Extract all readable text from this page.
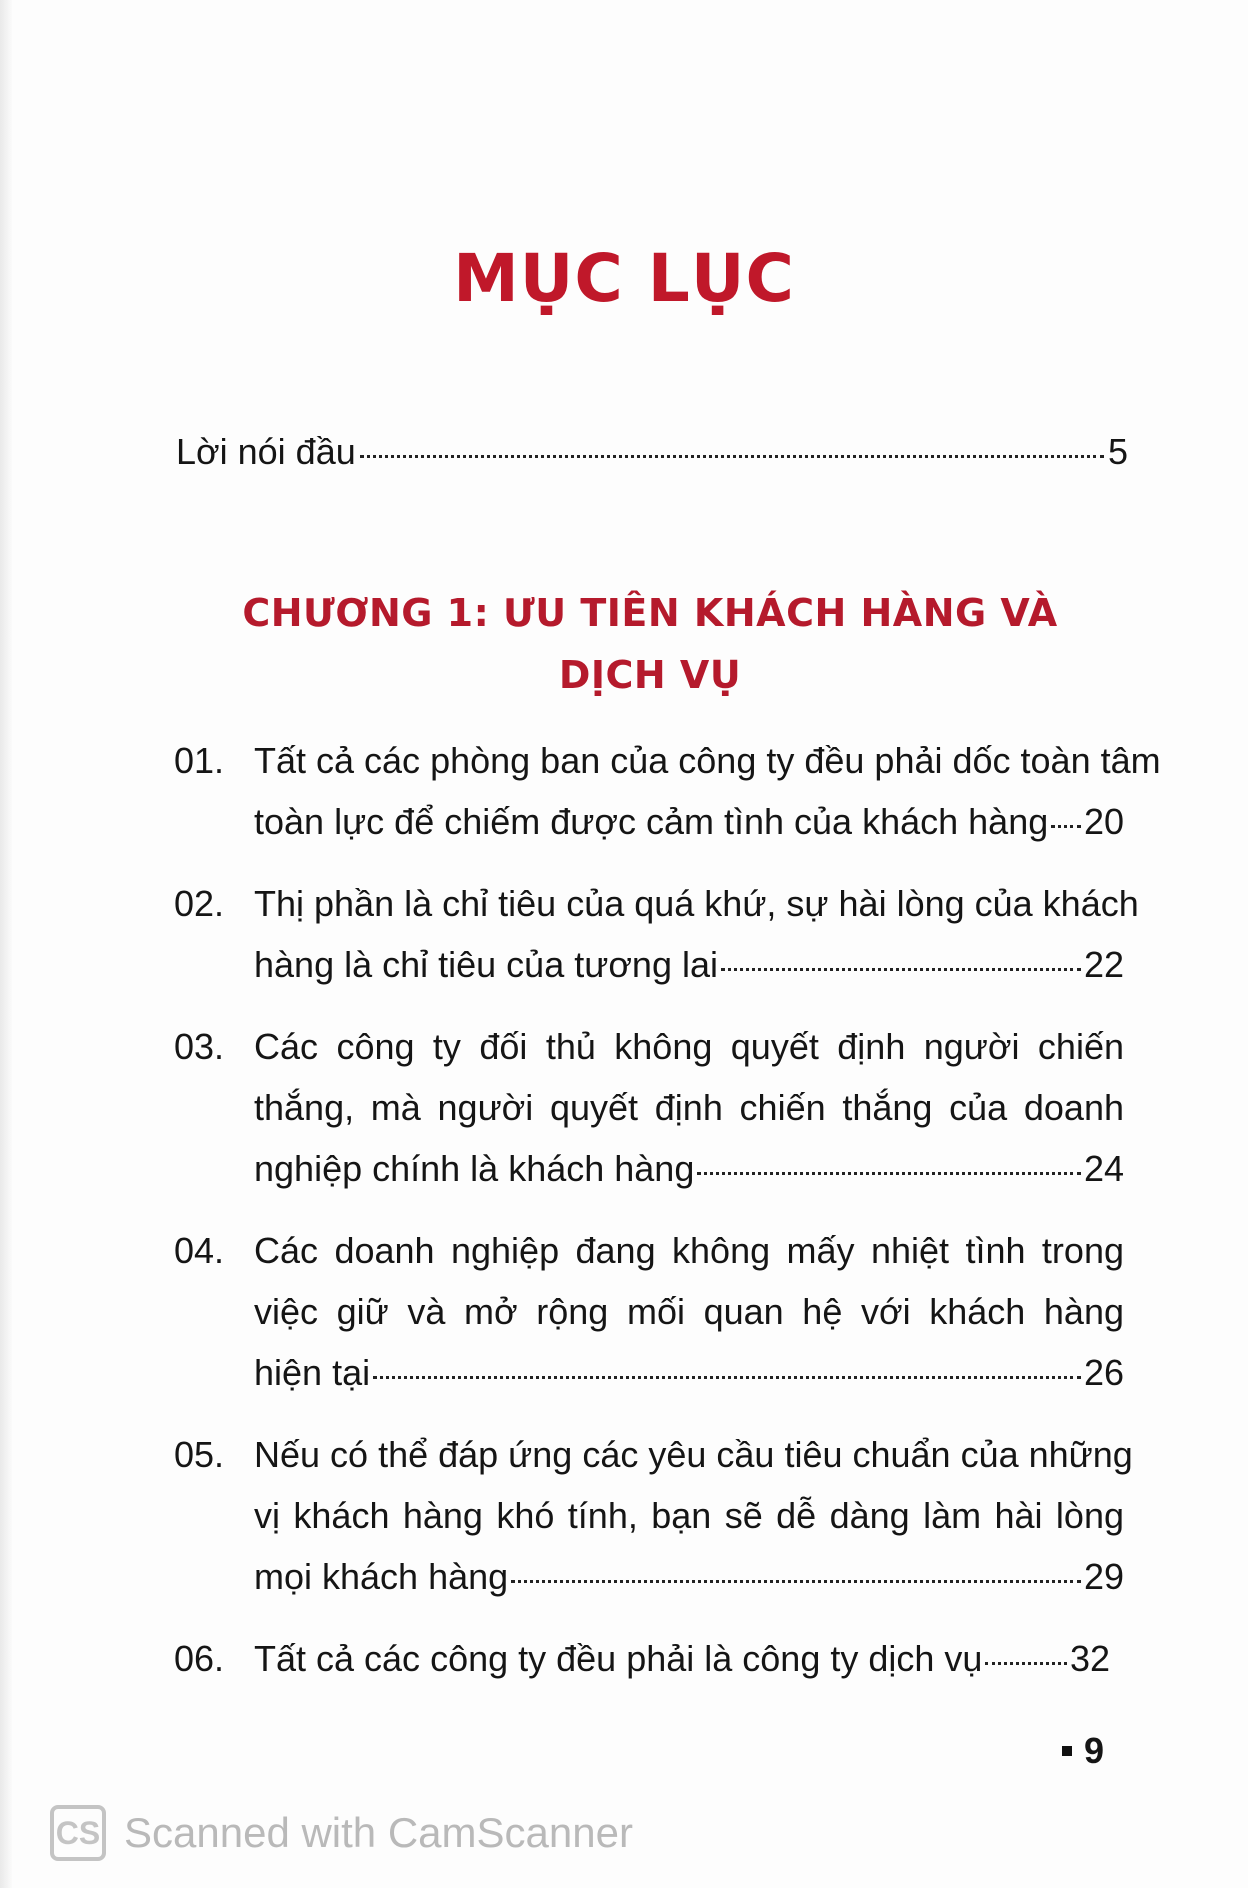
MỤC LỤC
Lời nói đầu	5
CHƯƠNG 1: ƯU TIÊN KHÁCH HÀNG VÀ
DỊCH VỤ
01. Tất cả các phòng ban của công ty đều phải dốc toàn tâm
toàn lực để chiếm được cảm tình của khách hàng 20
02. Thị phần là chỉ tiêu của quá khứ, sự hài lòng của khách
hàng là chỉ tiêu của tương lai	22
03. Các công ty đối thủ không quyết định người chiến
thắng, mà người quyết định chiến thắng của doanh
nghiệp chính là khách hàng	24
04. Các doanh nghiệp đang không mấy nhiệt tình trong
việc giữ và mở rộng mối quan hệ với khách hàng
hiện tại	26
05. Nếu có thể đáp ứng các yêu cầu tiêu chuẩn của những
vị khách hàng khó tính, bạn sẽ dễ dàng làm hài lòng
mọi khách hàng	29
06. Tất cả các công ty đều phải là công ty dịch vụ 32
9
CS Scanned with CamScanner
